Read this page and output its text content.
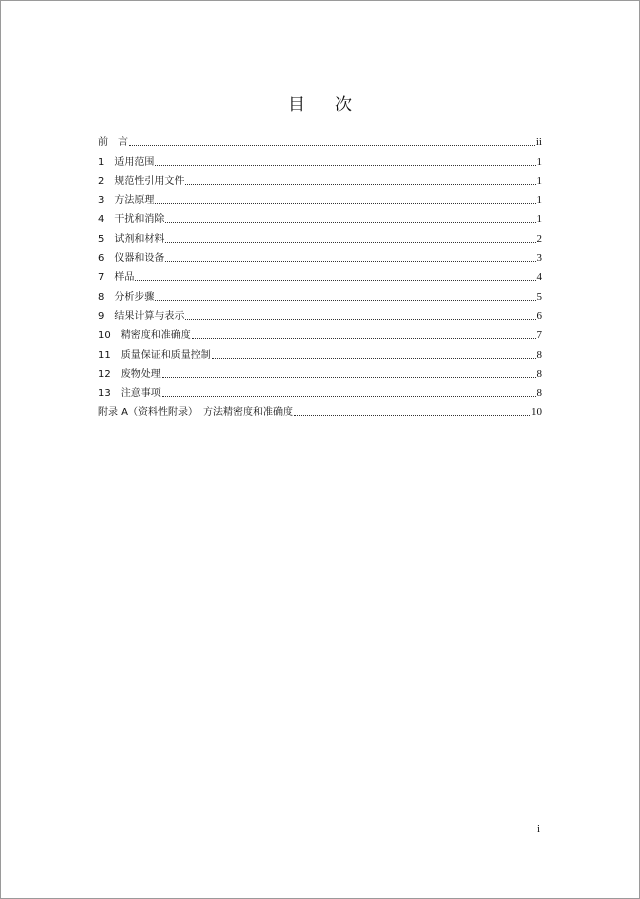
目 次
前　言	ii
1　 适用范围	1
2　 规范性引用文件	1
3　 方法原理	1
4　 干扰和消除	1
5　 试剂和材料	2
6　 仪器和设备	3
7　 样品	4
8　 分析步骤	5
9　 结果计算与表示	6
10　 精密度和准确度	7
11　 质量保证和质量控制	8
12　 废物处理	8
13　 注意事项	8
附录 A（资料性附录）　 方法精密度和准确度	10
i
